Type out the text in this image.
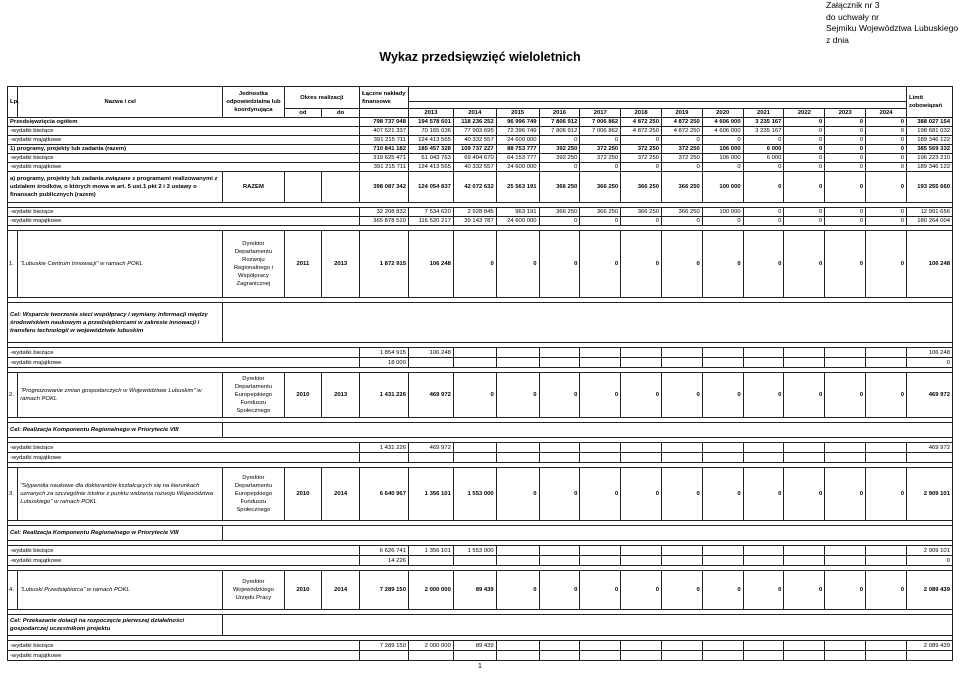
Załącznik nr 3
do uchwały nr
Sejmiku Województwa Lubuskiego
z dnia
Wykaz przedsięwzięć wieloletnich
Lp.	Nazwa i cel	Jednostka odpowiedzialna lub koordynująca	Okres realizacji		Łączne nakłady finansowe													Limit zobowiązań

			od	do		2013	2014	2015	2016	2017	2018	2019	2020	2021	2022	2023	2024	
Przedsięwzięcia ogółem					798 737 048	194 578 601	118 236 252	96 996 749	7 806 912	7 006 862	4 872 250	4 872 250	4 606 000	3 235 167	0	0	0	388 027 154
-wydatki bieżące					407 521 337	70 165 036	77 903 695	72 396 749	7 806 912	7 006 862	4 872 250	4 872 250	4 606 000	3 235 167	0	0	0	198 681 032
-wydatki majątkowe					391 215 711	124 413 565	40 332 557	24 600 000	0	0	0	0	0	0	0	0	0	189 346 122
1) programy, projekty lub zadania (razem)					710 841 182	185 457 328	109 737 227	88 753 777	392 250	372 250	372 250	372 250	106 000	6 000	0	0	0	385 569 332
-wydatki bieżące					319 625 471	61 043 763	69 404 670	64 153 777	392 250	372 250	372 250	372 250	106 000	6 000	0	0	0	196 223 210
-wydatki majątkowe					391 215 711	124 413 565	40 332 557	24 600 000	0	0	0	0	0	0	0	0	0	189 346 122
a) programy, projekty lub zadania związane z programami realizowanymi z udziałem środków, o których mowa w art. 5 ust.1 pkt 2 i 3 ustawy o finansach publicznych (razem)		RAZEM			398 087 342	124 054 837	42 072 632	25 563 191	366 250	366 250	366 250	366 250	100 000	0	0	0	0	193 255 660

-wydatki bieżące					32 208 832	7 534 620	2 928 845	963 191	366 250	366 250	366 250	366 250	100 000	0	0	0	0	12 991 656
-wydatki majątkowe					365 878 510	116 520 217	39 143 787	24 600 000	0	0	0	0	0	0	0	0	0	180 264 004

1.	"Lubuskie Centrum Innowacji" w ramach POKL	Dyrektor Departamentu Rozwoju Regionalnego i Współpracy Zagranicznej	2011	2013	1 872 915	106 248	0	0	0	0	0	0	0	0	0	0	0	106 248

Cel: Wsparcie tworzenia sieci współpracy i wymiany informacji między środowiskiem naukowym a przedsiębiorcami w zakresie innowacji i transferu technologii w województwie lubuskim																		

-wydatki bieżące					1 854 915	106 248												106 248
-wydatki majątkowe					18 000													0

2.	"Prognozowanie zmian gospodarczych w Województwie Lubuskim" w ramach POKL	Dyrektor Departamentu Europejskiego Funduszu Społecznego	2010	2013	1 431 226	469 972	0	0	0	0	0	0	0	0	0	0	0	469 972

Cel: Realizacja Komponentu Regionalnego w Priorytecie VIII																		

-wydatki bieżące					1 431 226	469 972												469 972
-wydatki majątkowe																		

3.	"Stypendia naukowe dla doktorantów kształcących się na kierunkach uznanych za szczególnie istotne z punktu widzenia rozwoju Województwa Lubuskiego" w ramach POKL	Dyrektor Departamentu Europejskiego Funduszu Społecznego	2010	2014	6 640 967	1 356 101	1 553 000	0	0	0	0	0	0	0	0	0	0	2 909 101

Cel: Realizacja Komponentu Regionalnego w Priorytecie VIII																		

-wydatki bieżące					6 626 741	1 356 101	1 553 000											2 909 101
-wydatki majątkowe					14 226													0

4.	"Lubuski Przedsiębiorca" w ramach POKL	Dyrektor Wojewódzkiego Urzędu Pracy	2010	2014	7 289 150	2 000 000	89 439	0	0	0	0	0	0	0	0	0	0	2 089 439

Cel: Przekazanie dotacji na rozpoczęcie pierwszej działalności gospodarczej uczestnikom projektu																		

-wydatki bieżące					7 289 150	2 000 000	89 439											2 089 439
-wydatki majątkowe																		
1
